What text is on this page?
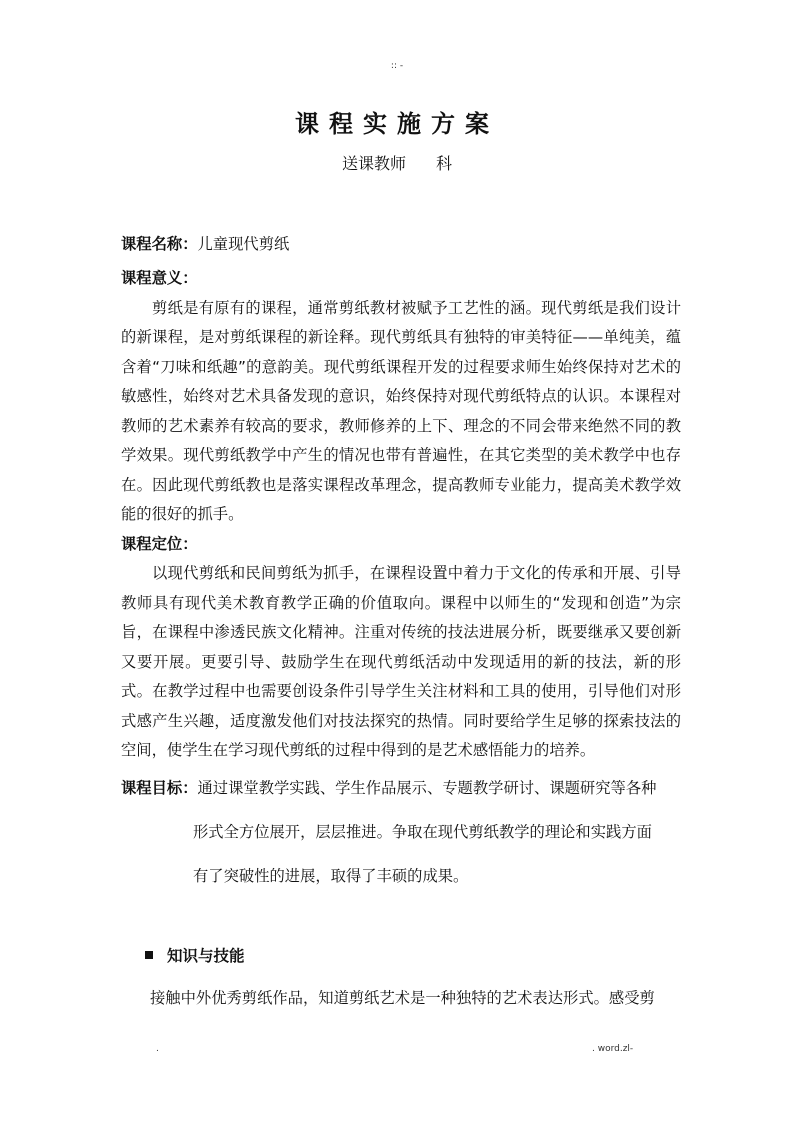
:: -
课程实施方案
送课教师 科
课程名称：儿童现代剪纸
课程意义：

剪纸是有原有的课程，通常剪纸教材被赋予工艺性的涵。现代剪纸是我们设计的新课程，是对剪纸课程的新诠释。现代剪纸具有独特的审美特征——单纯美，蕴含着“刀味和纸趣”的意韵美。现代剪纸课程开发的过程要求师生始终保持对艺术的敏感性，始终对艺术具备发现的意识，始终保持对现代剪纸特点的认识。本课程对教师的艺术素养有较高的要求，教师修养的上下、理念的不同会带来绝然不同的教学效果。现代剪纸教学中产生的情况也带有普遍性，在其它类型的美术教学中也存在。因此现代剪纸教也是落实课程改革理念，提高教师专业能力，提高美术教学效能的很好的抓手。

课程定位：

以现代剪纸和民间剪纸为抓手，在课程设置中着力于文化的传承和开展、引导教师具有现代美术教育教学正确的价值取向。课程中以师生的“发现和创造”为宗旨，在课程中渗透民族文化精神。注重对传统的技法进展分析，既要继承又要创新又要开展。更要引导、鼓励学生在现代剪纸活动中发现适用的新的技法，新的形式。在教学过程中也需要创设条件引导学生关注材料和工具的使用，引导他们对形式感产生兴趣，适度激发他们对技法探究的热情。同时要给学生足够的探索技法的空间，使学生在学习现代剪纸的过程中得到的是艺术感悟能力的培养。

课程目标：通过课堂教学实践、学生作品展示、专题教学研讨、课题研究等各种
形式全方位展开，层层推进。争取在现代剪纸教学的理论和实践方面
有了突破性的进展，取得了丰硕的成果。
知识与技能
接触中外优秀剪纸作品，知道剪纸艺术是一种独特的艺术表达形式。感受剪
.	. word.zl-
